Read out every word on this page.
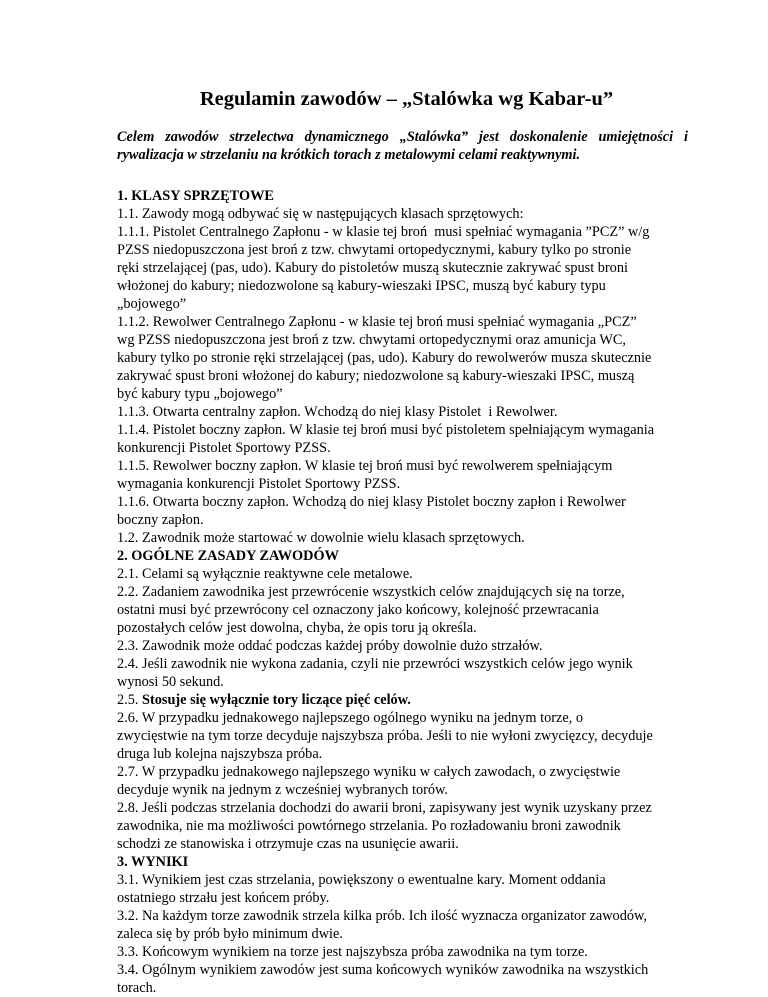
Regulamin zawodów – „Stalówka wg Kabar-u”

Celem zawodów strzelectwa dynamicznego „Stalówka” jest doskonalenie umiejętności i rywalizacja w strzelaniu na krótkich torach z metalowymi celami reaktywnymi.

1. KLASY SPRZĘTOWE
1.1. Zawody mogą odbywać się w następujących klasach sprzętowych:
1.1.1. Pistolet Centralnego Zapłonu - w klasie tej broń  musi spełniać wymagania ”PCZ” w/g
PZSS niedopuszczona jest broń z tzw. chwytami ortopedycznymi, kabury tylko po stronie
ręki strzelającej (pas, udo). Kabury do pistoletów muszą skutecznie zakrywać spust broni
włożonej do kabury; niedozwolone są kabury-wieszaki IPSC, muszą być kabury typu
„bojowego”
1.1.2. Rewolwer Centralnego Zapłonu - w klasie tej broń musi spełniać wymagania „PCZ”
wg PZSS niedopuszczona jest broń z tzw. chwytami ortopedycznymi oraz amunicja WC,
kabury tylko po stronie ręki strzelającej (pas, udo). Kabury do rewolwerów musza skutecznie
zakrywać spust broni włożonej do kabury; niedozwolone są kabury-wieszaki IPSC, muszą
być kabury typu „bojowego”
1.1.3. Otwarta centralny zapłon. Wchodzą do niej klasy Pistolet  i Rewolwer.
1.1.4. Pistolet boczny zapłon. W klasie tej broń musi być pistoletem spełniającym wymagania
konkurencji Pistolet Sportowy PZSS.
1.1.5. Rewolwer boczny zapłon. W klasie tej broń musi być rewolwerem spełniającym
wymagania konkurencji Pistolet Sportowy PZSS.
1.1.6. Otwarta boczny zapłon. Wchodzą do niej klasy Pistolet boczny zapłon i Rewolwer
boczny zapłon.
1.2. Zawodnik może startować w dowolnie wielu klasach sprzętowych.
2. OGÓLNE ZASADY ZAWODÓW
2.1. Celami są wyłącznie reaktywne cele metalowe.
2.2. Zadaniem zawodnika jest przewrócenie wszystkich celów znajdujących się na torze,
ostatni musi być przewrócony cel oznaczony jako końcowy, kolejność przewracania
pozostałych celów jest dowolna, chyba, że opis toru ją określa.
2.3. Zawodnik może oddać podczas każdej próby dowolnie dużo strzałów.
2.4. Jeśli zawodnik nie wykona zadania, czyli nie przewróci wszystkich celów jego wynik
wynosi 50 sekund.
2.5. Stosuje się wyłącznie tory liczące pięć celów.
2.6. W przypadku jednakowego najlepszego ogólnego wyniku na jednym torze, o
zwycięstwie na tym torze decyduje najszybsza próba. Jeśli to nie wyłoni zwycięzcy, decyduje
druga lub kolejna najszybsza próba.
2.7. W przypadku jednakowego najlepszego wyniku w całych zawodach, o zwycięstwie
decyduje wynik na jednym z wcześniej wybranych torów.
2.8. Jeśli podczas strzelania dochodzi do awarii broni, zapisywany jest wynik uzyskany przez
zawodnika, nie ma możliwości powtórnego strzelania. Po rozładowaniu broni zawodnik
schodzi ze stanowiska i otrzymuje czas na usunięcie awarii.
3. WYNIKI
3.1. Wynikiem jest czas strzelania, powiększony o ewentualne kary. Moment oddania
ostatniego strzału jest końcem próby.
3.2. Na każdym torze zawodnik strzela kilka prób. Ich ilość wyznacza organizator zawodów,
zaleca się by prób było minimum dwie.
3.3. Końcowym wynikiem na torze jest najszybsza próba zawodnika na tym torze.
3.4. Ogólnym wynikiem zawodów jest suma końcowych wyników zawodnika na wszystkich
torach.
